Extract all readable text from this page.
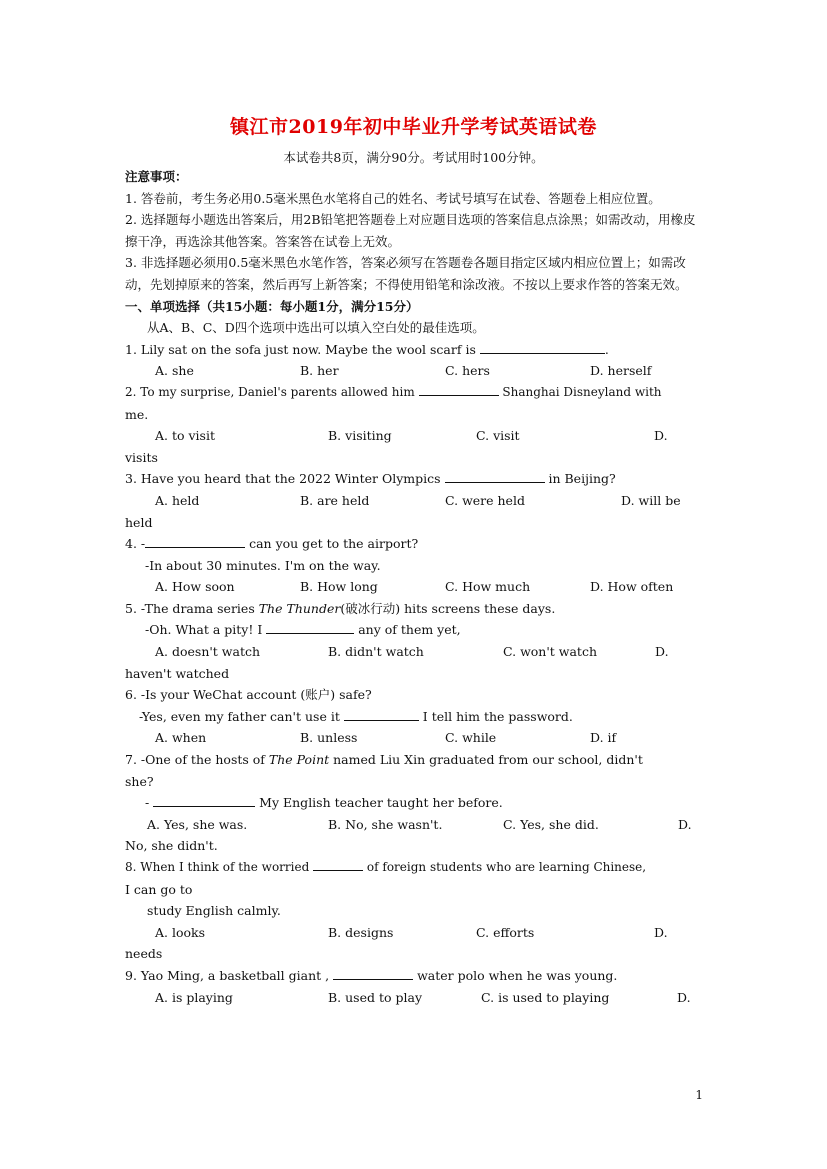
镇江市2019年初中毕业升学考试英语试卷
本试卷共8页，满分90分。考试用时100分钟。
注意事项：
1. 答卷前，考生务必用0.5毫米黑色水笔将自己的姓名、考试号填写在试卷、答题卷上相应位置。
2. 选择题每小题选出答案后，用2B铅笔把答题卷上对应题目选项的答案信息点涂黑；如需改动，用橡皮擦干净，再选涂其他答案。答案答在试卷上无效。
3. 非选择题必须用0.5毫米黑色水笔作答，答案必须写在答题卷各题目指定区域内相应位置上；如需改动，先划掉原来的答案，然后再写上新答案；不得使用铅笔和涂改液。不按以上要求作答的答案无效。
一、单项选择（共15小题：每小题1分，满分15分）
从A、B、C、D四个选项中选出可以填入空白处的最佳选项。
1. Lily sat on the sofa just now. Maybe the wool scarf is	.
A. she	B. her	C. hers	D. herself
2. To my surprise, Daniel's parents allowed him	Shanghai Disneyland with
me.
A. to visit	B. visiting	C. visit	D.
visits
3. Have you heard that the 2022 Winter Olympics	in Beijing?
A. held	B. are held	C. were held	D. will be
held
4. -	can you get to the airport?
-In about 30 minutes. I'm on the way.
A. How soon	B. How long	C. How much	D. How often
5. -The drama series The Thunder(破冰行动) hits screens these days.
-Oh. What a pity! I	any of them yet,
A. doesn't watch	B. didn't watch	C. won't watch	D.
haven't watched
6. -Is your WeChat account (账户) safe?
-Yes, even my father can't use it	I tell him the password.
A. when	B. unless	C. while	D. if
7. -One of the hosts of The Point named Liu Xin graduated from our school, didn't
she?
-	My English teacher taught her before.
A. Yes, she was.	B. No, she wasn't.	C. Yes, she did.	D.
No, she didn't.
8. When I think of the worried	of foreign students who are learning Chinese,
I can go to
study English calmly.
A. looks	B. designs	C. efforts	D.
needs
9. Yao Ming, a basketball giant ,	water polo when he was young.
A. is playing	B. used to play	C. is used to playing	D.
1
